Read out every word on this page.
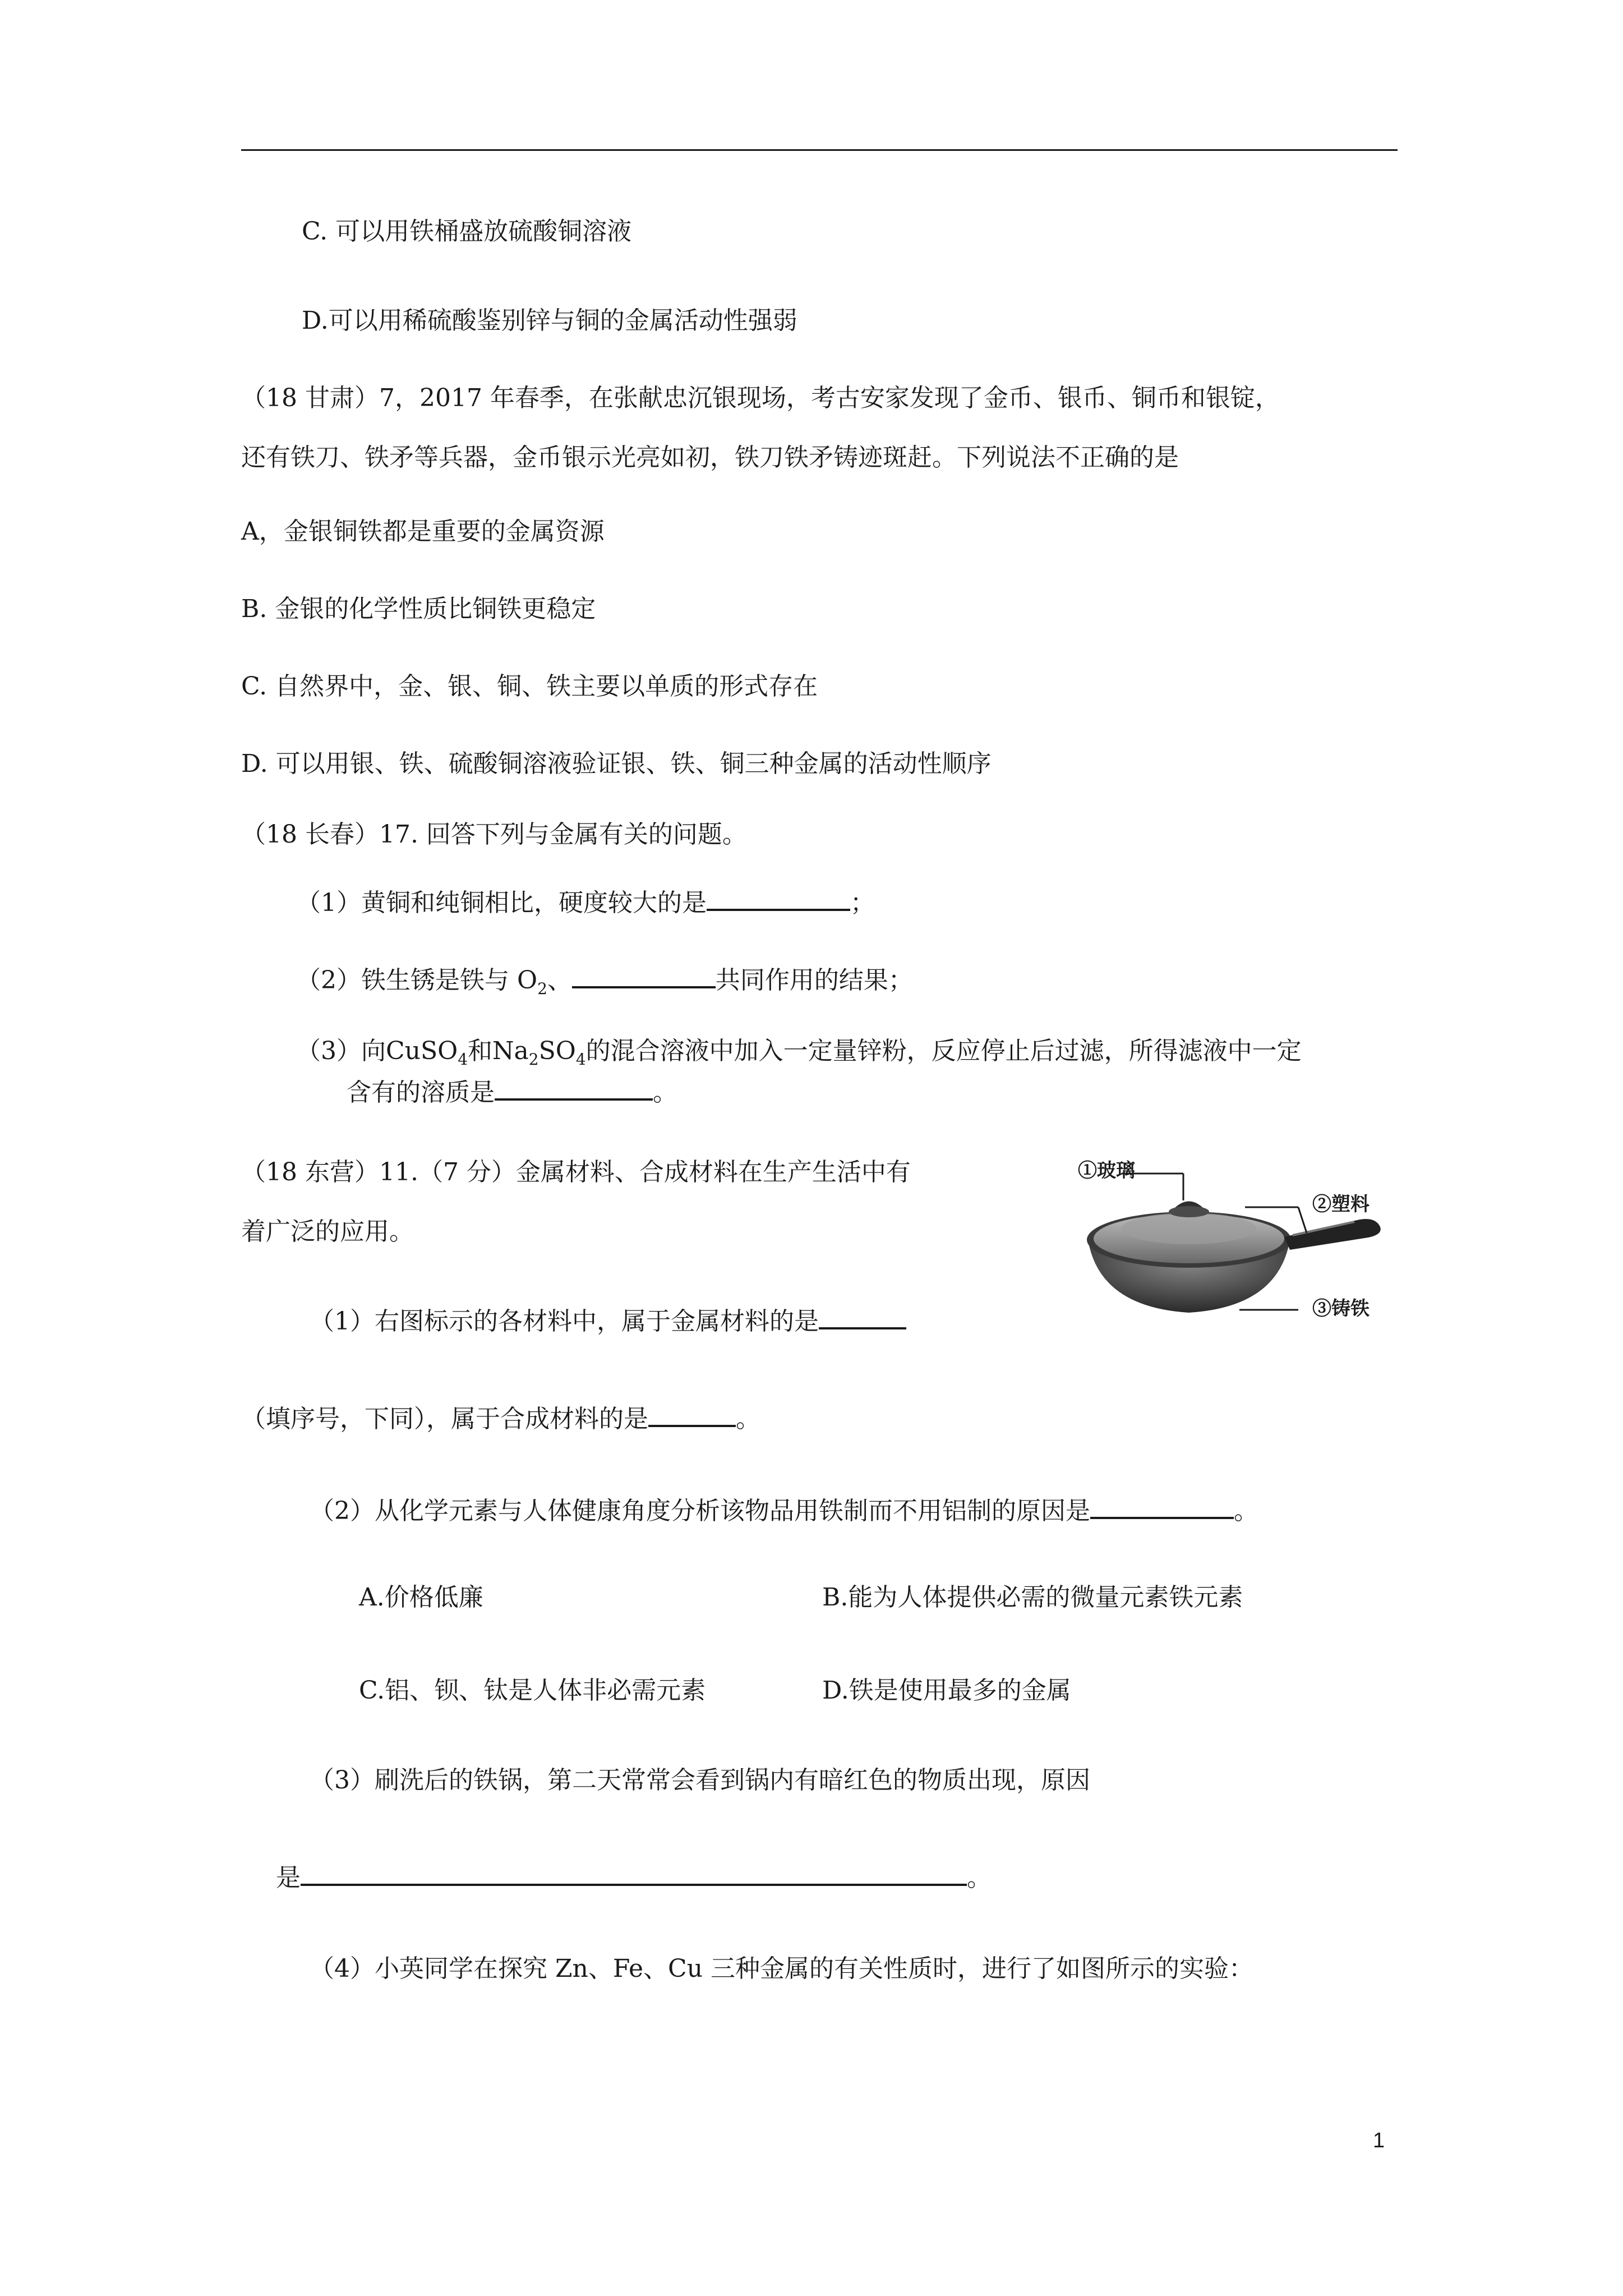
C. 可以用铁桶盛放硫酸铜溶液
D.可以用稀硫酸鉴别锌与铜的金属活动性强弱
（18 甘肃）7，2017 年春季，在张献忠沉银现场，考古安家发现了金币、银币、铜币和银锭，
还有铁刀、铁矛等兵器，金币银示光亮如初，铁刀铁矛铸迹斑赶。下列说法不正确的是
A，金银铜铁都是重要的金属资源
B. 金银的化学性质比铜铁更稳定
C. 自然界中，金、银、铜、铁主要以单质的形式存在
D. 可以用银、铁、硫酸铜溶液验证银、铁、铜三种金属的活动性顺序
（18 长春）17. 回答下列与金属有关的问题。
（1）黄铜和纯铜相比，硬度较大的是	；
（2）铁生锈是铁与 $O_2$、	共同作用的结果；
（3）向CuSO$_4$和$Na_2SO_4$的混合溶液中加入一定量锌粉，反应停止后过滤，所得滤液中一定
含有的溶质是	。
（18 东营）11.（7 分）金属材料、合成材料在生产生活中有
着广泛的应用。
①玻璃
②塑料
③铸铁
（1）右图标示的各材料中，属于金属材料的是
（填序号，下同），属于合成材料的是	。
（2）从化学元素与人体健康角度分析该物品用铁制而不用铝制的原因是	。
A.价格低廉	B.能为人体提供必需的微量元素铁元素
C.铝、钡、钛是人体非必需元素	D.铁是使用最多的金属
（3）刷洗后的铁锅，第二天常常会看到锅内有暗红色的物质出现，原因
是	。
（4）小英同学在探究 Zn、Fe、Cu 三种金属的有关性质时，进行了如图所示的实验：
1
